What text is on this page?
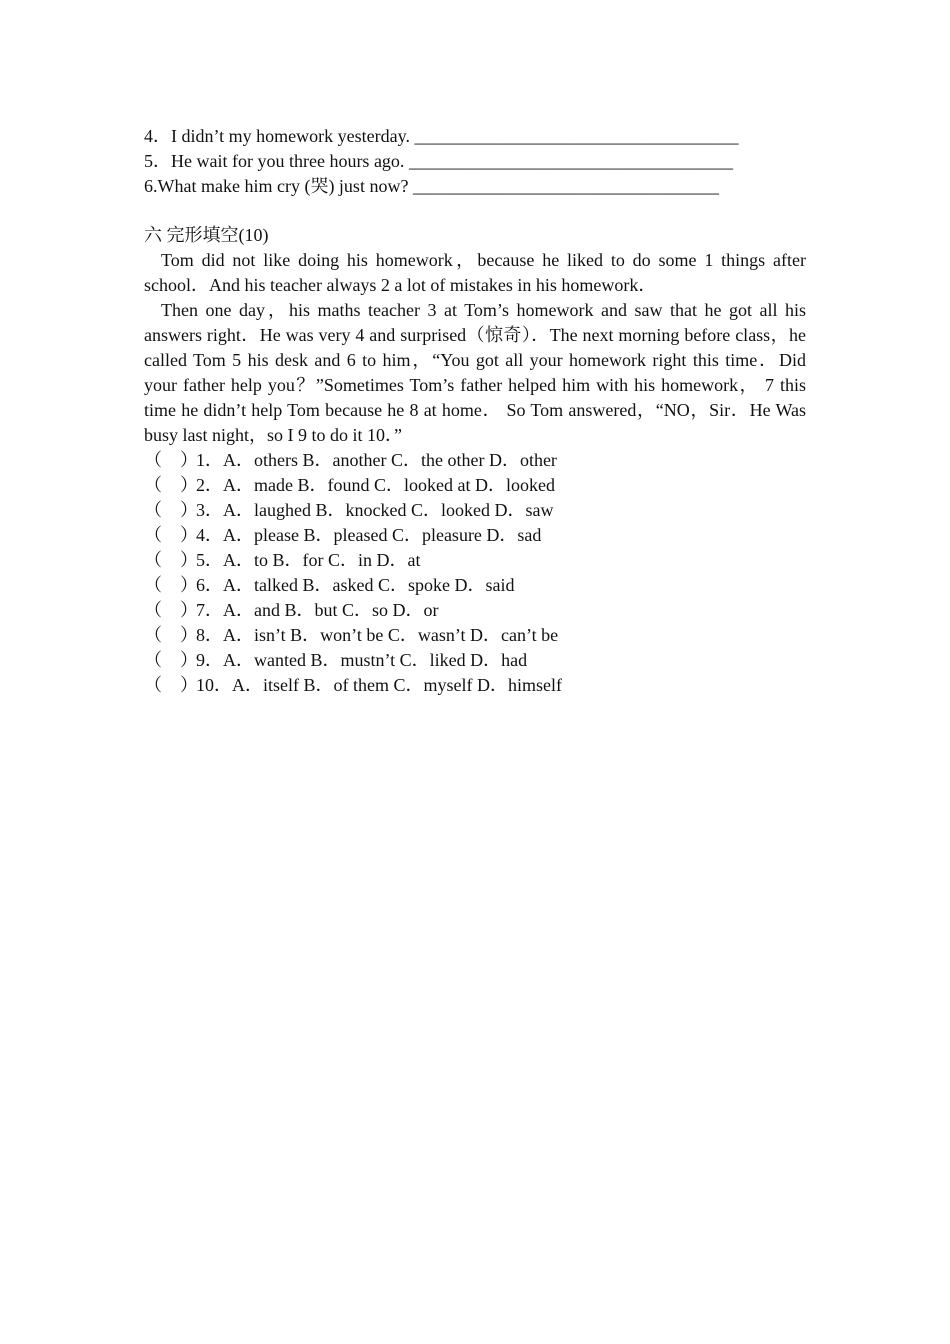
4．I didn’t my homework yesterday. ____________________________________
5．He wait for you three hours ago. ____________________________________
6.What make him cry (哭) just now? __________________________________
六 完形填空(10)
Tom did not like doing his homework，because he liked to do some 1 things after school．And his teacher always 2 a lot of mistakes in his homework．
Then one day，his maths teacher 3 at Tom’s homework and saw that he got all his answers right．He was very 4 and surprised（惊奇）．The next morning before class，he called Tom 5 his desk and 6 to him，“You got all your homework right this time．Did your father help you？”Sometimes Tom’s father helped him with his homework， 7 this time he didn’t help Tom because he 8 at home． So Tom answered，“NO，Sir．He Was busy last night，so I 9 to do it 10．”
（　）1．A．others B．another C．the other D．other
（　）2．A．made B．found C．looked at D．looked
（　）3．A．laughed B．knocked C．looked D．saw
（　）4．A．please B．pleased C．pleasure D．sad
（　）5．A．to B．for C．in D．at
（　）6．A．talked B．asked C．spoke D．said
（　）7．A．and B．but C．so D．or
（　）8．A．isn’t B．won’t be C．wasn’t D．can’t be
（　）9．A．wanted B．mustn’t C．liked D．had
（　）10．A．itself B．of them C．myself D．himself
